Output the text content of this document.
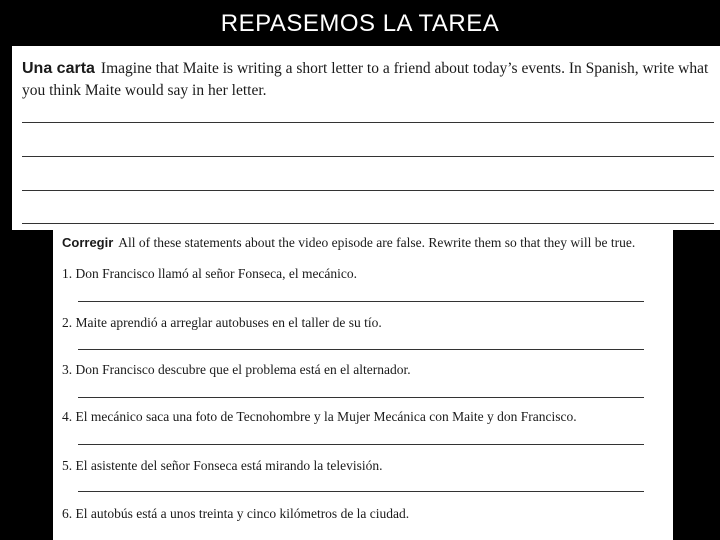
REPASEMOS LA TAREA
Una carta Imagine that Maite is writing a short letter to a friend about today’s events. In Spanish, write what you think Maite would say in her letter.
Corregir All of these statements about the video episode are false. Rewrite them so that they will be true.
1. Don Francisco llamó al señor Fonseca, el mecánico.
2. Maite aprendió a arreglar autobuses en el taller de su tío.
3. Don Francisco descubre que el problema está en el alternador.
4. El mecánico saca una foto de Tecnohombre y la Mujer Mecánica con Maite y don Francisco.
5. El asistente del señor Fonseca está mirando la televisión.
6. El autobús está a unos treinta y cinco kilómetros de la ciudad.
